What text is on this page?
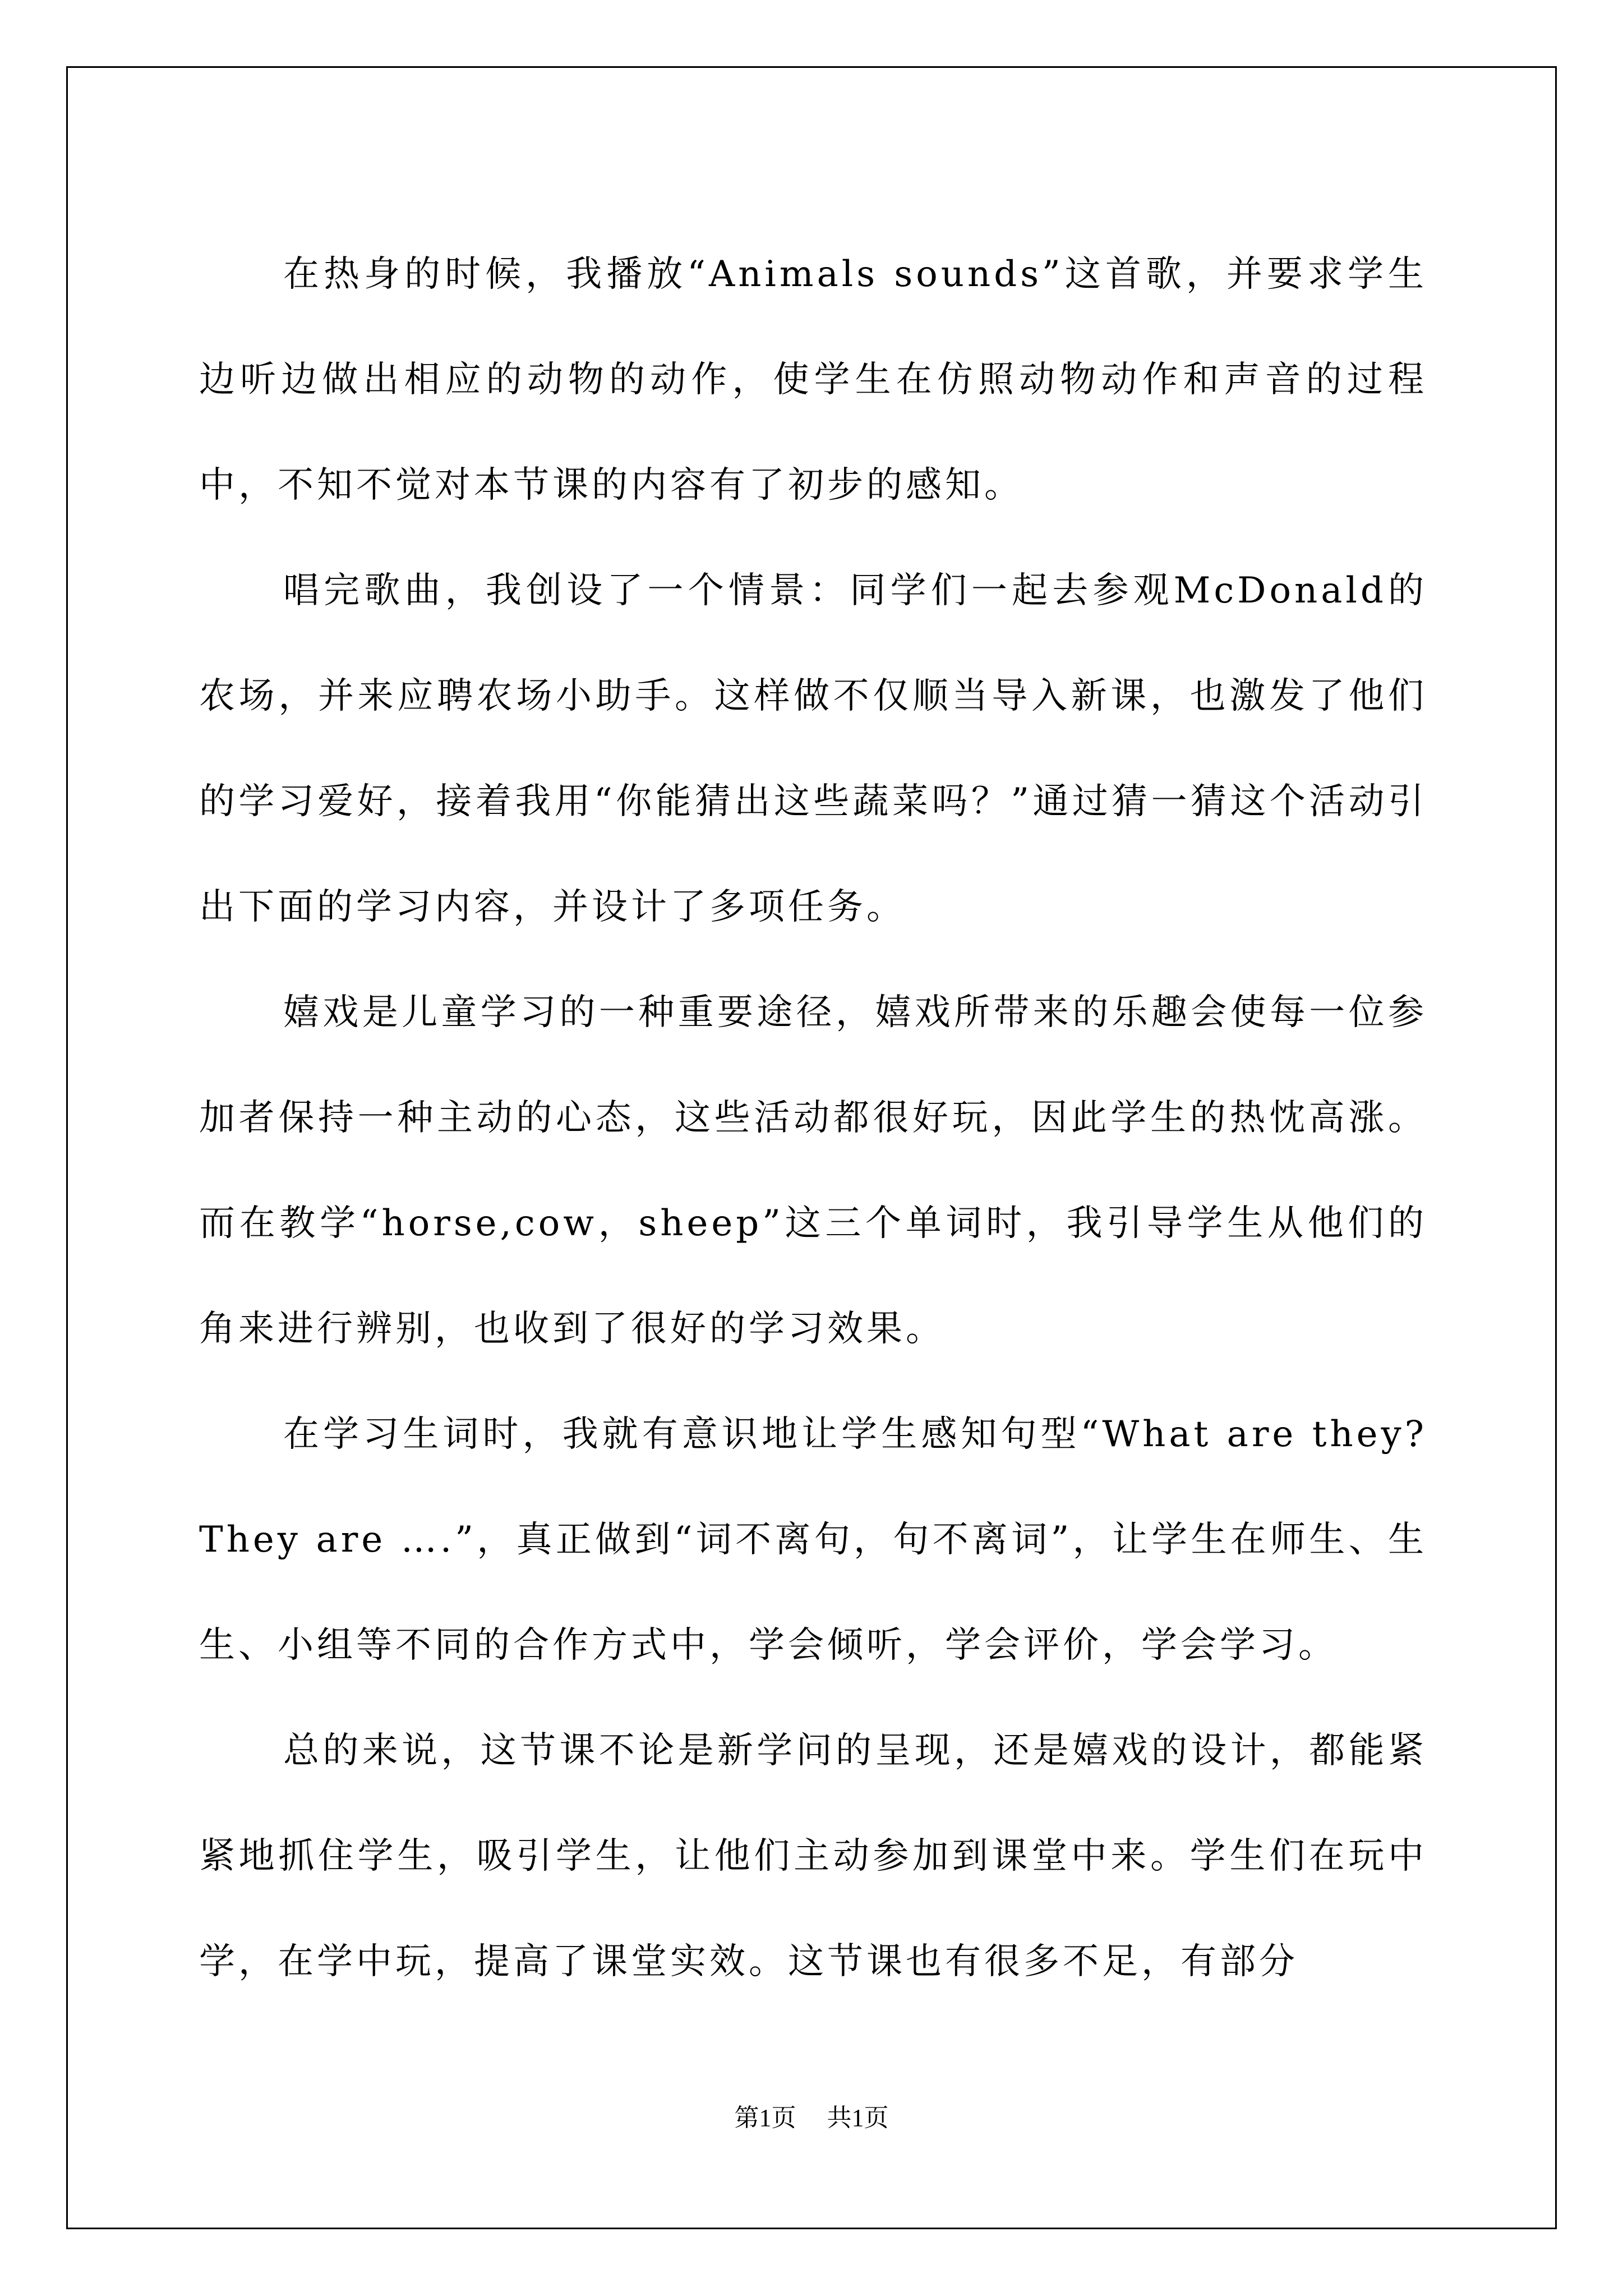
在热身的时候，我播放“Animals sounds”这首歌，并要求学生边听边做出相应的动物的动作，使学生在仿照动物动作和声音的过程中，不知不觉对本节课的内容有了初步的感知。

唱完歌曲，我创设了一个情景：同学们一起去参观McDonald的农场，并来应聘农场小助手。这样做不仅顺当导入新课，也激发了他们的学习爱好，接着我用“你能猜出这些蔬菜吗？”通过猜一猜这个活动引出下面的学习内容，并设计了多项任务。

嬉戏是儿童学习的一种重要途径，嬉戏所带来的乐趣会使每一位参加者保持一种主动的心态，这些活动都很好玩，因此学生的热忱高涨。而在教学“horse,cow，sheep”这三个单词时，我引导学生从他们的角来进行辨别，也收到了很好的学习效果。

在学习生词时，我就有意识地让学生感知句型“What are they? They are ….”，真正做到“词不离句，句不离词”，让学生在师生、生生、小组等不同的合作方式中，学会倾听，学会评价，学会学习。

总的来说，这节课不论是新学问的呈现，还是嬉戏的设计，都能紧紧地抓住学生，吸引学生，让他们主动参加到课堂中来。学生们在玩中学，在学中玩，提高了课堂实效。这节课也有很多不足，有部分

第1页 共1页
